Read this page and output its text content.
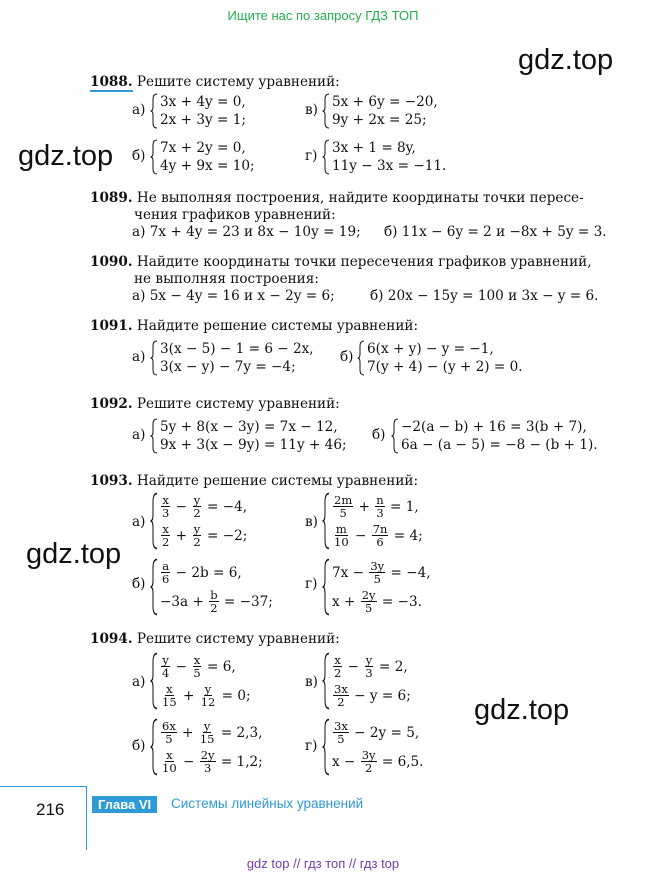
Ищите нас по запросу ГДЗ ТОП
gdz.top
gdz.top
gdz.top
gdz.top
1088. Решите систему уравнений:
а) 3x + 4y = 0,
2x + 3y = 1;
в) 5x + 6y = −20,
9y + 2x = 25;
б) 7x + 2y = 0,
4y + 9x = 10;
г) 3x + 1 = 8y,
11y − 3x = −11.
1089. Не выполняя построения, найдите координаты точки пересе-
чения графиков уравнений:
а) 7x + 4y = 23 и 8x − 10y = 19; б) 11x − 6y = 2 и −8x + 5y = 3.
1090. Найдите координаты точки пересечения графиков уравнений,
не выполняя построения:
а) 5x − 4y = 16 и x − 2y = 6;	б) 20x − 15y = 100 и 3x − y = 6.
1091. Найдите решение системы уравнений:
а) 3(x − 5) − 1 = 6 − 2x,
3(x − y) − 7y = −4;
б) 6(x + y) − y = −1,
7(y + 4) − (y + 2) = 0.
1092. Решите систему уравнений:
а) 5y + 8(x − 3y) = 7x − 12,
9x + 3(x − 9y) = 11y + 46;
б) −2(a − b) + 16 = 3(b + 7),
6a − (a − 5) = −8 − (b + 1).
1093. Найдите решение системы уравнений:
а)
$\frac{x}{3} - \frac{y}{2} = -4$,
$\frac{x}{2} + \frac{y}{2} = -2$;
в)
$\frac{2m}{5} + \frac{n}{3} = 1$,
$\frac{m}{10} - \frac{7n}{6} = 4$;
$б) \frac{a}{6} - 2b = 6$,
$-3a + \frac{b}{2} = -37$;
г)
$7x - \frac{3y}{5} = -4$,
$x + \frac{2y}{5} = -3$.
1094. Решите систему уравнений:
а)
$\frac{y}{4} - \frac{x}{5} = 6$,
$\frac{x}{15} + \frac{y}{12} = 0$;
в)
$\frac{x}{2} - \frac{y}{3} = 2$,
$\frac{3x}{2} - y = 6$;
б)
$\frac{6x}{5} + \frac{y}{15} = 2,3$,
$\frac{x}{10} - \frac{2y}{3} = 1,2$;
г)
$\frac{3x}{5} - 2y = 5$,
$x - \frac{3y}{2} = 6,5$.
216	Глава VI	Системы линейных уравнений
gdz top // гдз топ // гдз top
